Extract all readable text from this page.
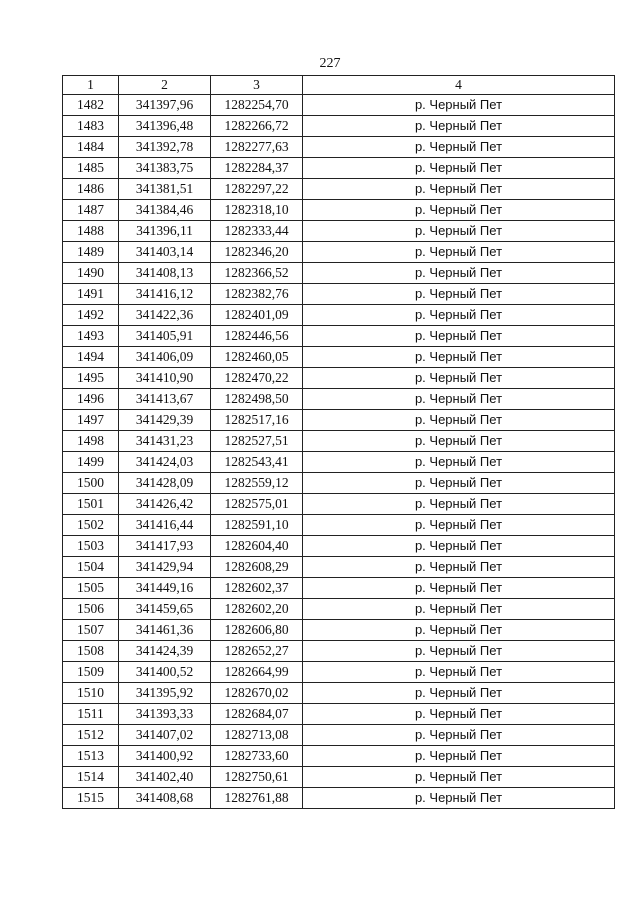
227
1	2	3	4
1482	341397,96	1282254,70	р. Черный Пет
1483	341396,48	1282266,72	р. Черный Пет
1484	341392,78	1282277,63	р. Черный Пет
1485	341383,75	1282284,37	р. Черный Пет
1486	341381,51	1282297,22	р. Черный Пет
1487	341384,46	1282318,10	р. Черный Пет
1488	341396,11	1282333,44	р. Черный Пет
1489	341403,14	1282346,20	р. Черный Пет
1490	341408,13	1282366,52	р. Черный Пет
1491	341416,12	1282382,76	р. Черный Пет
1492	341422,36	1282401,09	р. Черный Пет
1493	341405,91	1282446,56	р. Черный Пет
1494	341406,09	1282460,05	р. Черный Пет
1495	341410,90	1282470,22	р. Черный Пет
1496	341413,67	1282498,50	р. Черный Пет
1497	341429,39	1282517,16	р. Черный Пет
1498	341431,23	1282527,51	р. Черный Пет
1499	341424,03	1282543,41	р. Черный Пет
1500	341428,09	1282559,12	р. Черный Пет
1501	341426,42	1282575,01	р. Черный Пет
1502	341416,44	1282591,10	р. Черный Пет
1503	341417,93	1282604,40	р. Черный Пет
1504	341429,94	1282608,29	р. Черный Пет
1505	341449,16	1282602,37	р. Черный Пет
1506	341459,65	1282602,20	р. Черный Пет
1507	341461,36	1282606,80	р. Черный Пет
1508	341424,39	1282652,27	р. Черный Пет
1509	341400,52	1282664,99	р. Черный Пет
1510	341395,92	1282670,02	р. Черный Пет
1511	341393,33	1282684,07	р. Черный Пет
1512	341407,02	1282713,08	р. Черный Пет
1513	341400,92	1282733,60	р. Черный Пет
1514	341402,40	1282750,61	р. Черный Пет
1515	341408,68	1282761,88	р. Черный Пет
